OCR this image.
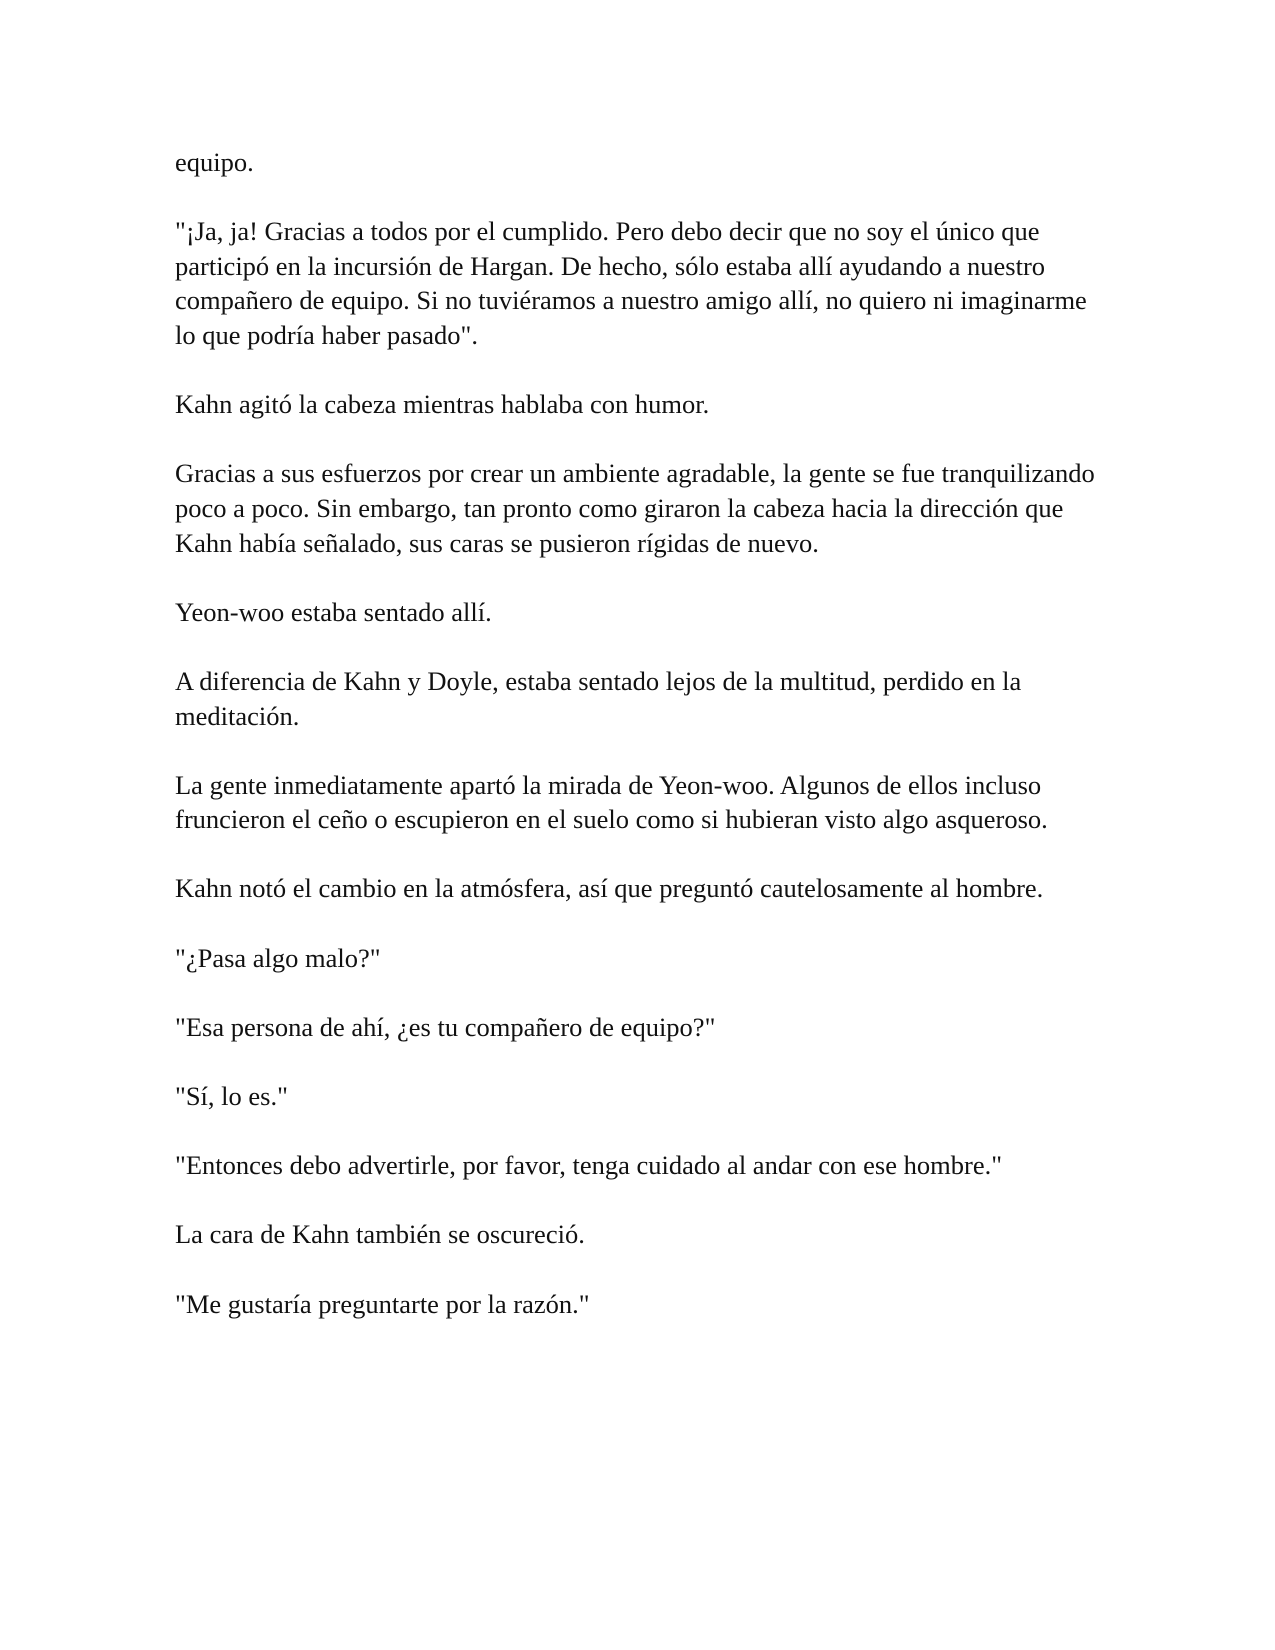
equipo.

"¡Ja, ja! Gracias a todos por el cumplido. Pero debo decir que no soy el único que participó en la incursión de Hargan. De hecho, sólo estaba allí ayudando a nuestro compañero de equipo. Si no tuviéramos a nuestro amigo allí, no quiero ni imaginarme lo que podría haber pasado".

Kahn agitó la cabeza mientras hablaba con humor.

Gracias a sus esfuerzos por crear un ambiente agradable, la gente se fue tranquilizando poco a poco. Sin embargo, tan pronto como giraron la cabeza hacia la dirección que Kahn había señalado, sus caras se pusieron rígidas de nuevo.

Yeon-woo estaba sentado allí.

A diferencia de Kahn y Doyle, estaba sentado lejos de la multitud, perdido en la meditación.

La gente inmediatamente apartó la mirada de Yeon-woo. Algunos de ellos incluso fruncieron el ceño o escupieron en el suelo como si hubieran visto algo asqueroso.

Kahn notó el cambio en la atmósfera, así que preguntó cautelosamente al hombre.

"¿Pasa algo malo?"

"Esa persona de ahí, ¿es tu compañero de equipo?"

"Sí, lo es."

"Entonces debo advertirle, por favor, tenga cuidado al andar con ese hombre."

La cara de Kahn también se oscureció.

"Me gustaría preguntarte por la razón."
